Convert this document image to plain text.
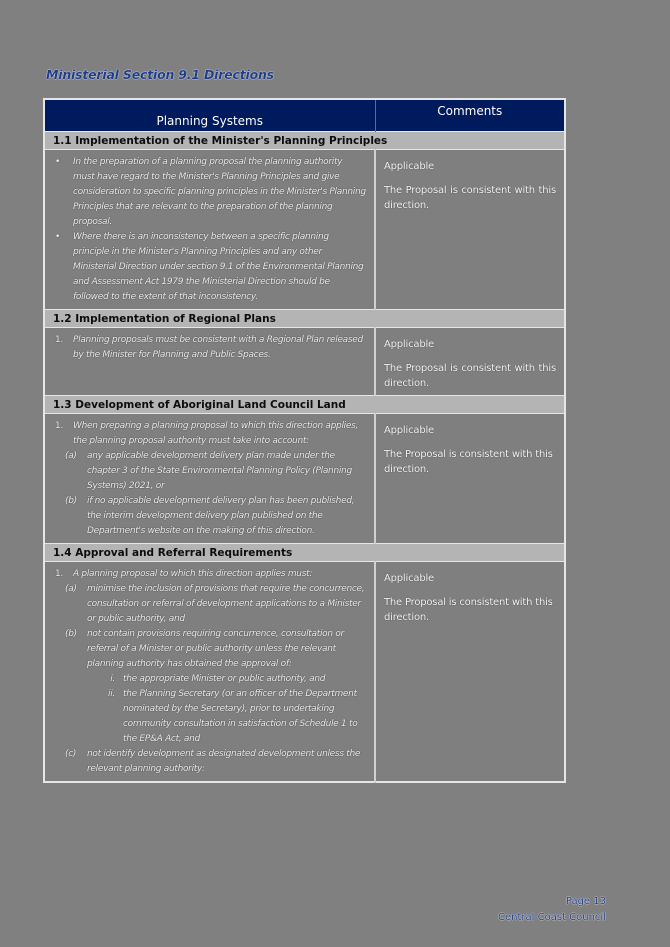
Ministerial Section 9.1 Directions
Planning Systems	Comments
1.1 Implementation of the Minister's Planning Principles	

•	In the preparation of a planning proposal the planning authority must have regard to the Minister's Planning Principles and give consideration to specific planning principles in the Minister's Planning Principles that are relevant to the preparation of the planning proposal.
•	Where there is an inconsistency between a specific planning principle in the Minister's Planning Principles and any other Ministerial Direction under section 9.1 of the Environmental Planning and Assessment Act 1979 the Ministerial Direction should be followed to the extent of that inconsistency.

Applicable
The Proposal is consistent with this direction.

1.2 Implementation of Regional Plans	

1.	Planning proposals must be consistent with a Regional Plan released by the Minister for Planning and Public Spaces.

Applicable
The Proposal is consistent with this direction.

1.3 Development of Aboriginal Land Council Land	

1.	When preparing a planning proposal to which this direction applies, the planning proposal authority must take into account:
(a)	any applicable development delivery plan made under the chapter 3 of the State Environmental Planning Policy (Planning Systems) 2021, or
(b)	if no applicable development delivery plan has been published, the interim development delivery plan published on the Department's website on the making of this direction.

Applicable
The Proposal is consistent with this direction.

1.4 Approval and Referral Requirements	

1.	A planning proposal to which this direction applies must:
(a)	minimise the inclusion of provisions that require the concurrence, consultation or referral of development applications to a Minister or public authority, and
(b)	not contain provisions requiring concurrence, consultation or referral of a Minister or public authority unless the relevant planning authority has obtained the approval of:
i. the appropriate Minister or public authority, and
ii. the Planning Secretary (or an officer of the Department nominated by the Secretary), prior to undertaking community consultation in satisfaction of Schedule 1 to the EP&A Act, and
(c)	not identify development as designated development unless the relevant planning authority:

Applicable
The Proposal is consistent with this direction.
Page 13
Central Coast Council
